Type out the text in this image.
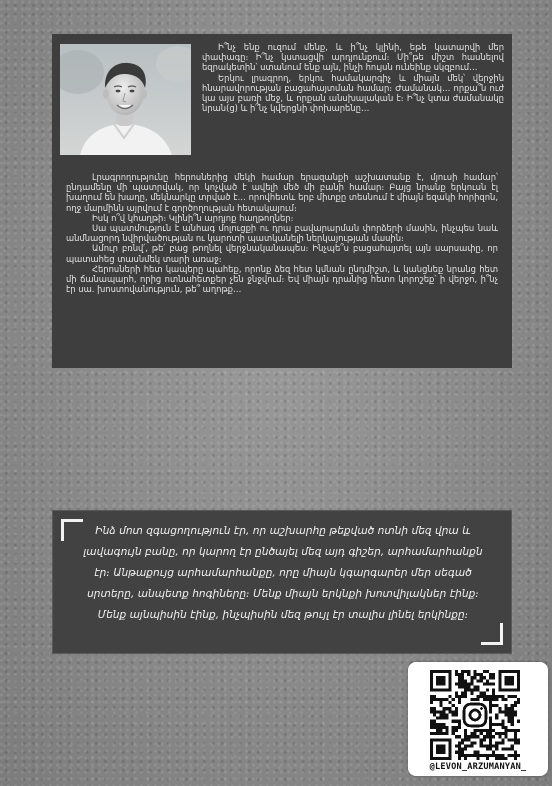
Ի՞նչ ենք ուզում մենք, և ի՞նչ կլինի, եթե կատարվի մեր փափագը։ Ի՞նչ կստացվի արդյունքում։ Մի՞թե միշտ հասնելով եզրակետին՝ ստանում ենք այն, ինչի հույսն ունեինք սկզբում…

Երկու լրագրող, երկու համակարգիչ և միայն մեկ՝ վերջին հնարավորության բացահայտման համար։ Ժամանակ… որքա՞ն ուժ կա այս բառի մեջ, և որքան անսխալական է։ Ի՞նչ կտա ժամանակը նրան(ց) և ի՞նչ կվերցնի փոխարենը…

Լրագրողությունը հերոսներից մեկի համար երազանքի աշխատանք է, մյուսի համար՝ ընդամենը մի պատրվակ, որ կոչված է ավելի մեծ մի բանի համար։ Բայց նրանք երկուսն էլ խաղում են խաղը, մեկնարկը տրված է… որովհետև երբ միտքը տեսնում է միայն եզակի հորիզոն, ողջ մարմինն այրվում է գործողության հետակայում։

Իսկ ո՞վ կհաղթի։ Կլինի՞ն արդյոք հաղթողներ։

Սա պատմություն է անհագ մոլուցքի ու դրա բավարարման փորձերի մասին, ինչպես նաև անմնացորդ նվիրվածության ու կարոտի պատկանելի ներկայության մասին։

Ամուր բռնվ՛, թե՛ բաց թողնել վերջնականապես։ Ինչպե՞ս բացահայտել այն սարսափը, որ պատահեց տասնմեկ տարի առաջ։

Հերոսների հետ կապերը պահեք, որոնք ձեզ հետ կմնան ընդմիշտ, և կանցնեք նրանց հետ մի ճանապարհ, որից ոտնահետքեր չեն ջնջվում։ Եվ միայն դրանից հետո կորոշեք՝ ի վերջո, ի՞նչ էր սա. խոստովանություն, թե՞ աղոթք…

Ինձ մոտ զգացողություն էր, որ աշխարհը թեքված ոտնի մեզ վրա և լավագույն բանը, որ կարող էր ընծայել մեզ այդ գիշեր, արհամարհանքն էր։ Անթաքույց արհամարհանքը, որը միայն կգարգարեր մեր սեգած սրտերը, անպետք հոգիները։ Մենք միայն երկնքի խոտվիլակներ էինք։ Մենք այնպիսին էինք, ինչպիսին մեզ թույլ էր տալիս լինել երկինքը։

@LEVON_ARZUMANYAN_
